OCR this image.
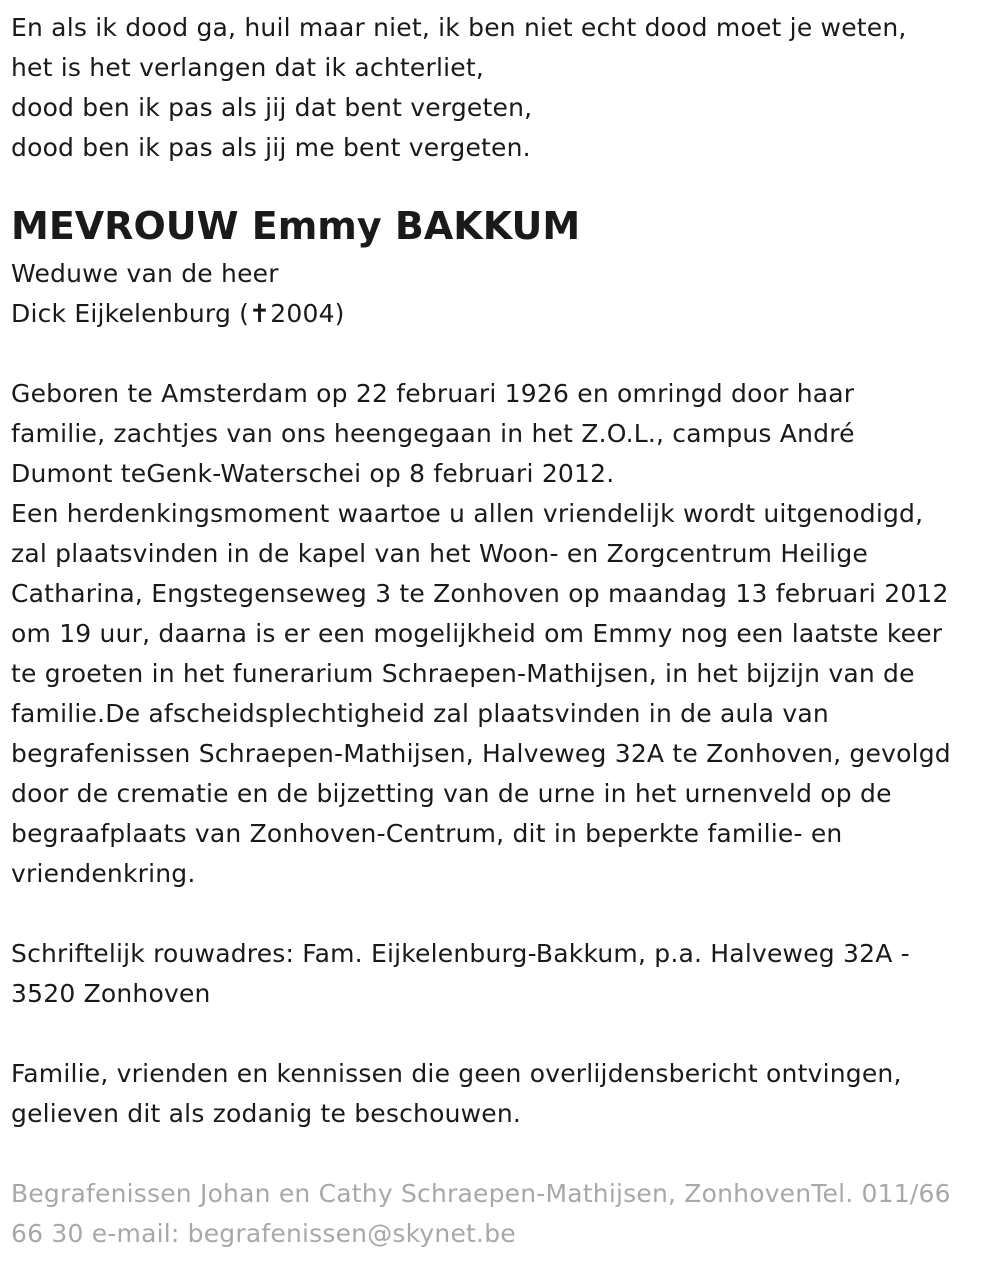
En als ik dood ga, huil maar niet, ik ben niet echt dood moet je weten,
het is het verlangen dat ik achterliet,
dood ben ik pas als jij dat bent vergeten,
dood ben ik pas als jij me bent vergeten.
MEVROUW Emmy BAKKUM
Weduwe van de heer
Dick Eijkelenburg (✝2004)
Geboren te Amsterdam op 22 februari 1926 en omringd door haar
familie, zachtjes van ons heengegaan in het Z.O.L., campus André
Dumont teGenk-Waterschei op 8 februari 2012.
Een herdenkingsmoment waartoe u allen vriendelijk wordt uitgenodigd,
zal plaatsvinden in de kapel van het Woon- en Zorgcentrum Heilige
Catharina, Engstegenseweg 3 te Zonhoven op maandag 13 februari 2012
om 19 uur, daarna is er een mogelijkheid om Emmy nog een laatste keer
te groeten in het funerarium Schraepen-Mathijsen, in het bijzijn van de
familie.De afscheidsplechtigheid zal plaatsvinden in de aula van
begrafenissen Schraepen-Mathijsen, Halveweg 32A te Zonhoven, gevolgd
door de crematie en de bijzetting van de urne in het urnenveld op de
begraafplaats van Zonhoven-Centrum, dit in beperkte familie- en
vriendenkring.
Schriftelijk rouwadres: Fam. Eijkelenburg-Bakkum, p.a. Halveweg 32A -
3520 Zonhoven
Familie, vrienden en kennissen die geen overlijdensbericht ontvingen,
gelieven dit als zodanig te beschouwen.
Begrafenissen Johan en Cathy Schraepen-Mathijsen, ZonhovenTel. 011/66
66 30 e-mail: begrafenissen@skynet.be
